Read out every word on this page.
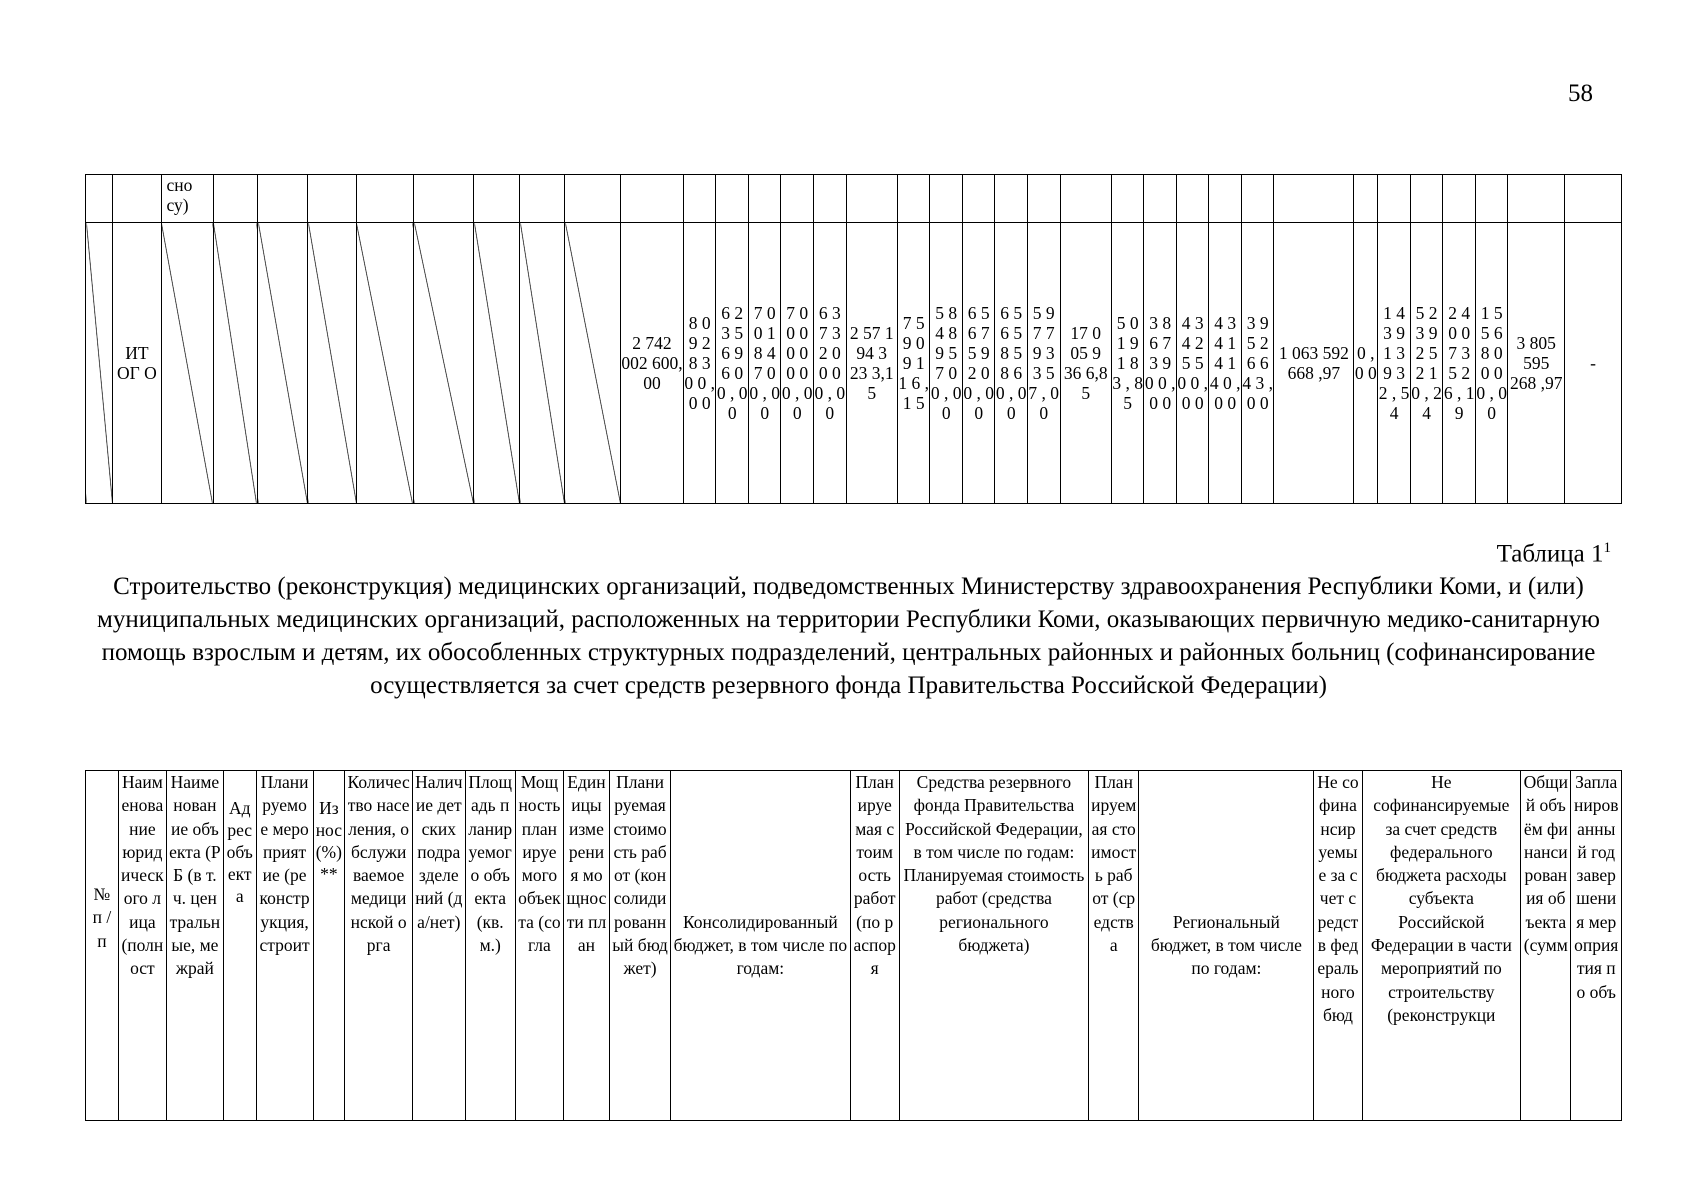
58
		сно су)																																		
	ИТ ОГ О										2 742 002 600, 00	8 0 9 2 8 3 0 0 , 0 0	6 2 3 5 6 9 6 0 0 , 0 0	7 0 0 1 8 4 7 0 0 , 0 0	7 0 0 0 0 0 0 0 0 , 0 0	6 3 7 3 2 0 0 0 0 , 0 0	2 57 1 94 3 23 3,1 5	7 5 9 0 9 1 1 6 , 1 5	5 8 4 8 9 5 7 0 0 , 0 0	6 5 6 7 5 9 2 0 0 , 0 0	6 5 6 5 8 5 8 6 0 , 0 0	5 9 7 7 9 3 3 5 7 , 0 0	17 0 05 9 36 6,8 5	5 0 1 9 1 8 3 , 8 5	3 8 6 7 3 9 0 0 , 0 0	4 3 4 2 5 5 0 0 , 0 0	4 3 4 1 4 1 4 0 , 0 0	3 9 5 2 6 6 4 3 , 0 0	1 063 592 668 ,97	0 , 0 0	1 4 3 9 1 3 9 3 2 , 5 4	5 2 3 9 2 5 2 1 0 , 2 4	2 4 0 0 7 3 5 2 6 , 1 9	1 5 5 6 8 0 0 0 0 , 0 0	3 805 595 268 ,97	-
Таблица $1^1$
Строительство (реконструкция) медицинских организаций, подведомственных Министерству здравоохранения Республики Коми, и (или) муниципальных медицинских организаций, расположенных на территории Республики Коми, оказывающих первичную медико-санитарную помощь взрослым и детям, их обособленных структурных подразделений, центральных районных и районных больниц (софинансирование осуществляется за счет средств резервного фонда Правительства Российской Федерации)
№ п / п	Наименование юридического лица (полност	Наименование объекта (РБ (в т.ч. центральные, межрай	Адрес объекта	Планируемое мероприятие (реконструкция, строит	Износ (%)**	Количество населения, обслуживаемое медицинской орга	Наличие детских подразделений (да/нет)	Площадь планируемого объекта (кв.м.)	Мощность планируемого объекта (согла	Единицы измерения мощности план	Планируемая стоимость работ (консолидированный бюджет)	Консолидированный бюджет, в том числе по годам:	Планируемая стоимость работ (по распоря	Средства резервного фонда Правительства Российской Федерации, в том числе по годам: Планируемая стоимость работ (средства регионального бюджета)	Планируемая стоимость работ (средства	Региональный бюджет, в том числе по годам:	Не софинансируемые за счет средств федерального бюд	Не софинансируемые за счет средств федерального бюджета расходы субъекта Российской Федерации в части мероприятий по строительству (реконструкци	Общий объём финансирования объекта (сумм	Запланированный год завершения мероприятия по объ
